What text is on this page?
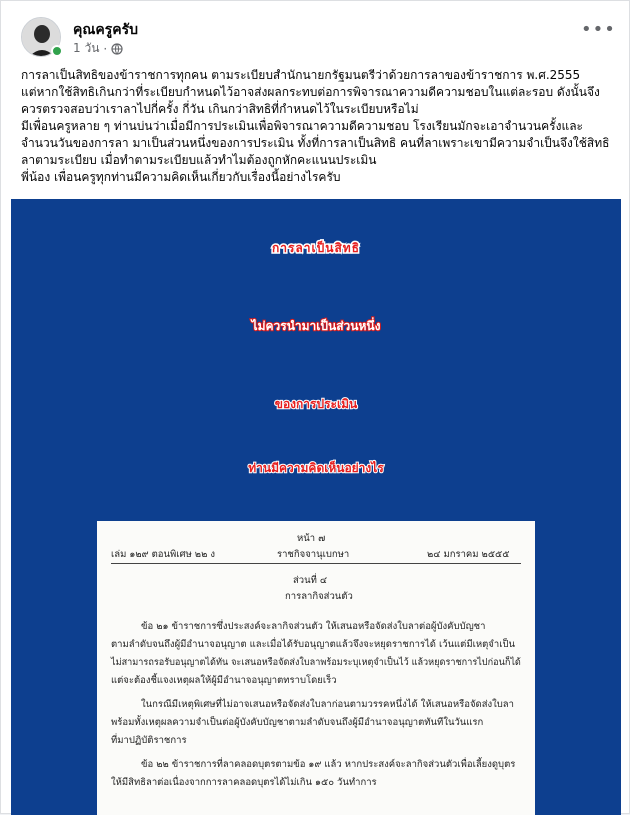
คุณครูครับ
1 วัน ·
•••

การลาเป็นสิทธิของข้าราชการทุกคน ตามระเบียบสำนักนายกรัฐมนตรีว่าด้วยการลาของข้าราชการ พ.ศ.2555

แต่หากใช้สิทธิเกินกว่าที่ระเบียบกำหนดไว้อาจส่งผลกระทบต่อการพิจารณาความดีความชอบในแต่ละรอบ ดังนั้นจึงควรตรวจสอบว่าเราลาไปกี่ครั้ง กี่วัน เกินกว่าสิทธิที่กำหนดไว้ในระเบียบหรือไม่

มีเพื่อนครูหลาย ๆ ท่านบ่นว่าเมื่อมีการประเมินเพื่อพิจารณาความดีความชอบ โรงเรียนมักจะเอาจำนวนครั้งและจำนวนวันของการลา มาเป็นส่วนหนึ่งของการประเมิน ทั้งที่การลาเป็นสิทธิ คนที่ลาเพราะเขามีความจำเป็นจึงใช้สิทธิลาตามระเบียบ เมื่อทำตามระเบียบแล้วทำไมต้องถูกหักคะแนนประเมิน

พี่น้อง เพื่อนครูทุกท่านมีความคิดเห็นเกี่ยวกับเรื่องนี้อย่างไรครับ

การลาเป็นสิทธิ
ไม่ควรนำมาเป็นส่วนหนึ่ง
ของการประเมิน
ท่านมีความคิดเห็นอย่างไร
หน้า ๗
เล่ม ๑๒๙ ตอนพิเศษ ๒๒ ง	ราชกิจจานุเบกษา	๒๔ มกราคม ๒๕๕๕
ส่วนที่ ๔
การลากิจส่วนตัว
ข้อ ๒๑ ข้าราชการซึ่งประสงค์จะลากิจส่วนตัว ให้เสนอหรือจัดส่งใบลาต่อผู้บังคับบัญชา
ตามลำดับจนถึงผู้มีอำนาจอนุญาต และเมื่อได้รับอนุญาตแล้วจึงจะหยุดราชการได้ เว้นแต่มีเหตุจำเป็น
ไม่สามารถรอรับอนุญาตได้ทัน จะเสนอหรือจัดส่งใบลาพร้อมระบุเหตุจำเป็นไว้ แล้วหยุดราชการไปก่อนก็ได้
แต่จะต้องชี้แจงเหตุผลให้ผู้มีอำนาจอนุญาตทราบโดยเร็ว
ในกรณีมีเหตุพิเศษที่ไม่อาจเสนอหรือจัดส่งใบลาก่อนตามวรรคหนึ่งได้ ให้เสนอหรือจัดส่งใบลา
พร้อมทั้งเหตุผลความจำเป็นต่อผู้บังคับบัญชาตามลำดับจนถึงผู้มีอำนาจอนุญาตทันทีในวันแรก
ที่มาปฏิบัติราชการ
ข้อ ๒๒ ข้าราชการที่ลาคลอดบุตรตามข้อ ๑๙ แล้ว หากประสงค์จะลากิจส่วนตัวเพื่อเลี้ยงดูบุตร
ให้มีสิทธิลาต่อเนื่องจากการลาคลอดบุตรได้ไม่เกิน ๑๕๐ วันทำการ
